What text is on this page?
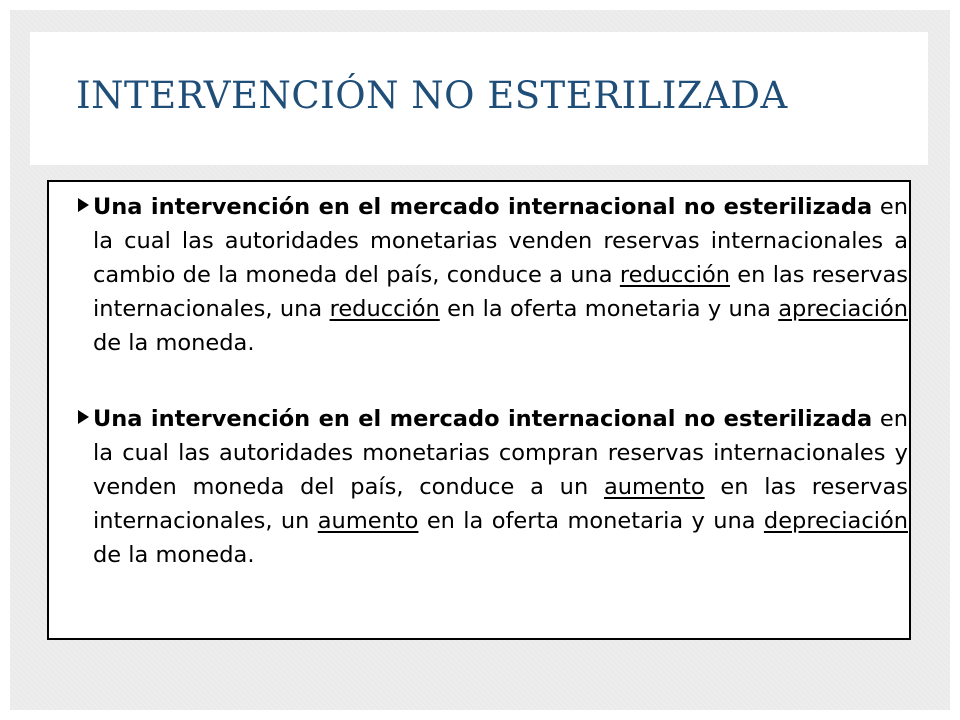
INTERVENCIÓN NO ESTERILIZADA

Una intervención en el mercado internacional no esterilizada en la cual las autoridades monetarias venden reservas internacionales a cambio de la moneda del país, conduce a una reducción en las reservas internacionales, una reducción en la oferta monetaria y una apreciación de la moneda.

Una intervención en el mercado internacional no esterilizada en la cual las autoridades monetarias compran reservas internacionales y venden moneda del país, conduce a un aumento en las reservas internacionales, un aumento en la oferta monetaria y una depreciación de la moneda.
